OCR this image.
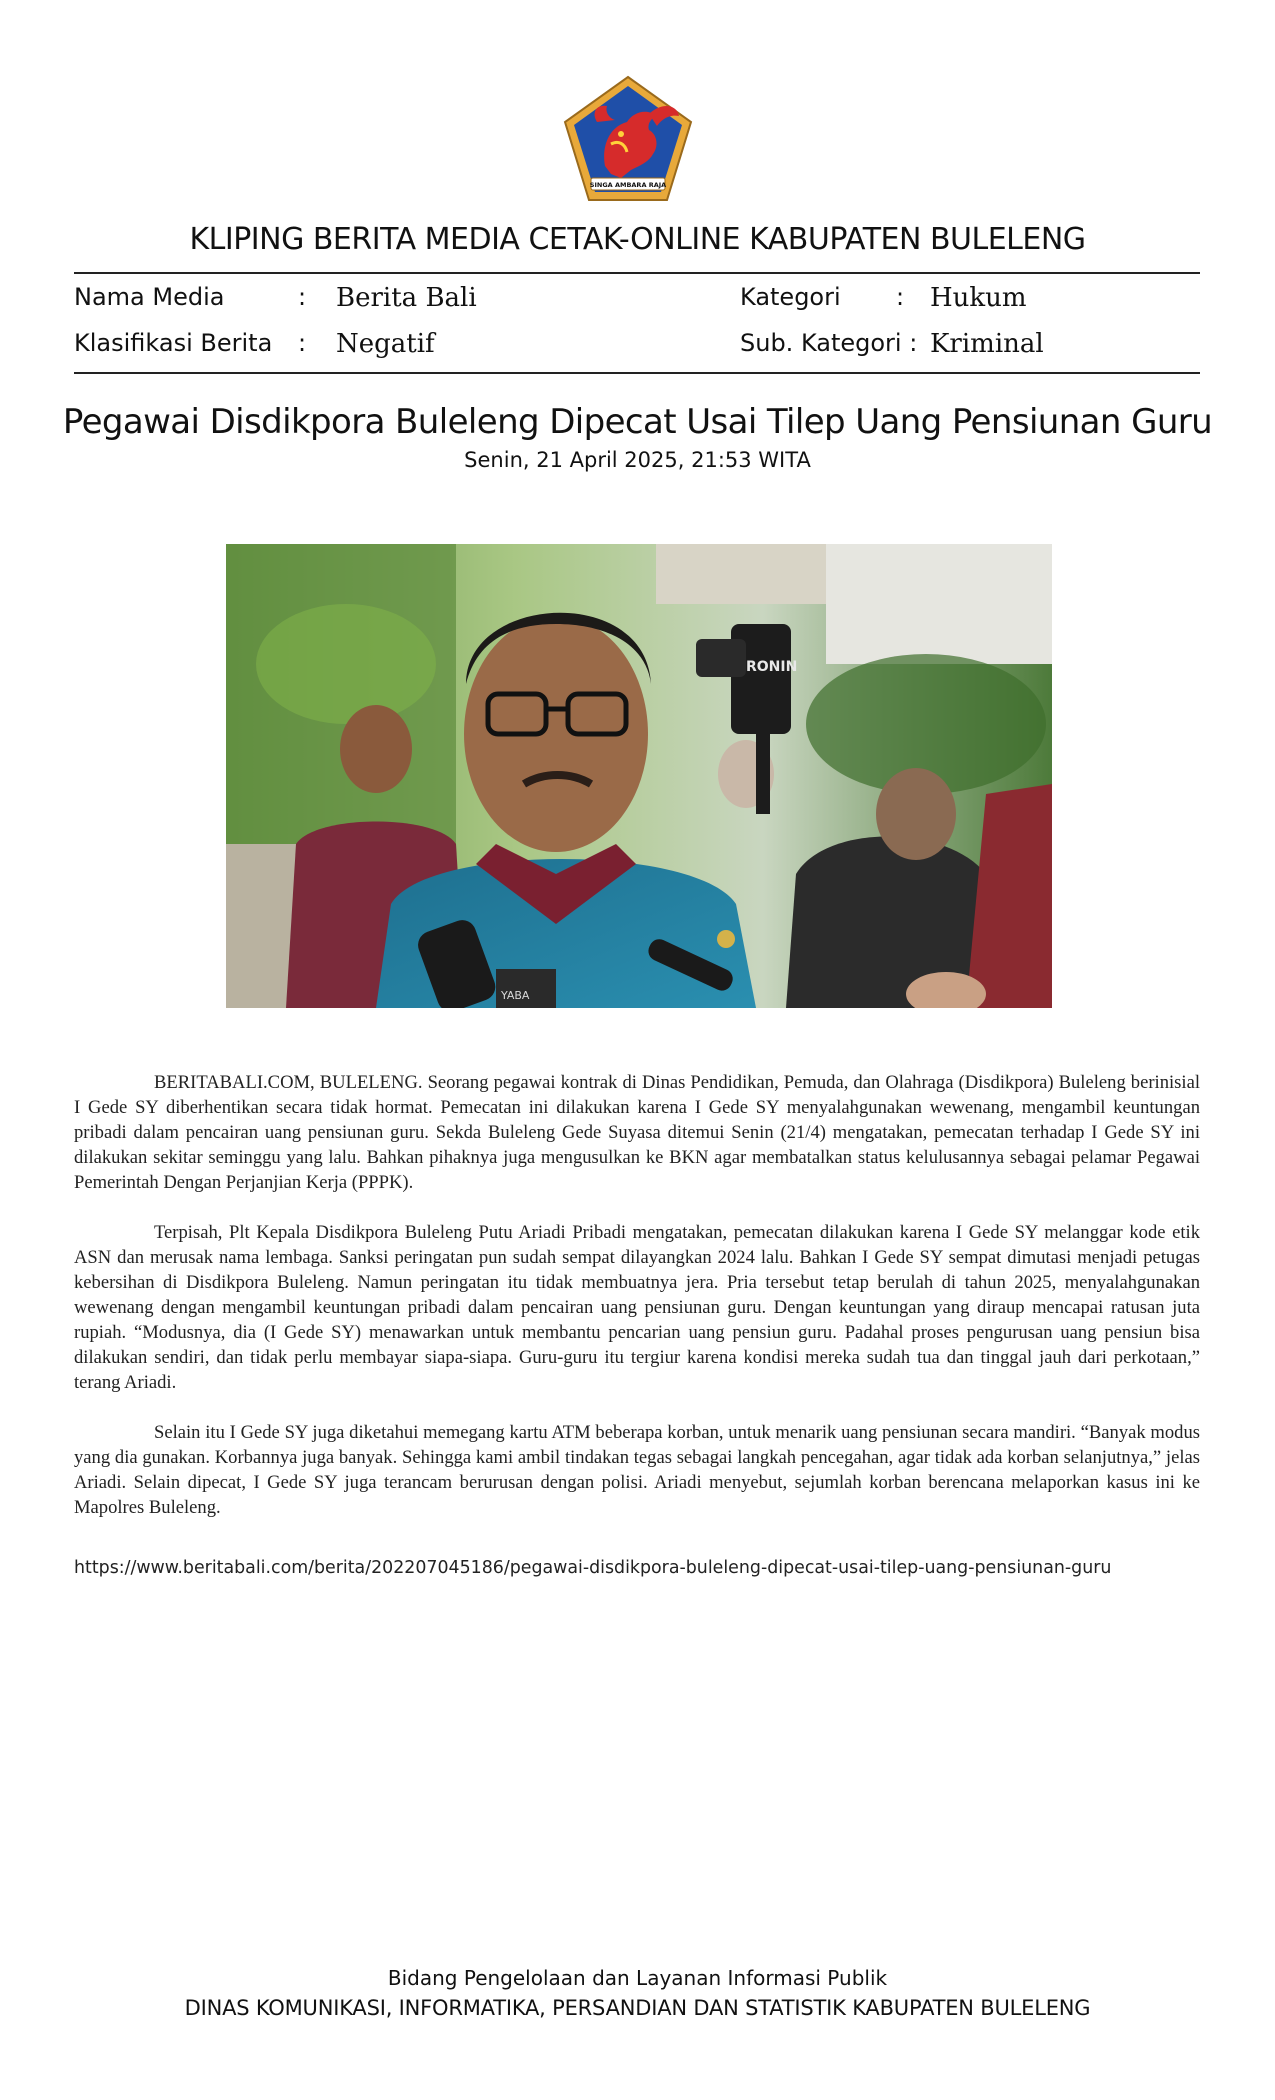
SINGA AMBARA RAJA
KLIPING BERITA MEDIA CETAK-ONLINE KABUPATEN BULELENG
Nama Media	: Berita Bali	Kategori : Hukum
Klasifikasi Berita : Negatif	Sub. Kategori : Kriminal
Pegawai Disdikpora Buleleng Dipecat Usai Tilep Uang Pensiunan Guru
Senin, 21 April 2025, 21:53 WITA
RONIN
YABA

BERITABALI.COM, BULELENG. Seorang pegawai kontrak di Dinas Pendidikan, Pemuda, dan Olahraga (Disdikpora) Buleleng berinisial I Gede SY diberhentikan secara tidak hormat. Pemecatan ini dilakukan karena I Gede SY menyalahgunakan wewenang, mengambil keuntungan pribadi dalam pencairan uang pensiunan guru. Sekda Buleleng Gede Suyasa ditemui Senin (21/4) mengatakan, pemecatan terhadap I Gede SY ini dilakukan sekitar seminggu yang lalu. Bahkan pihaknya juga mengusulkan ke BKN agar membatalkan status kelulusannya sebagai pelamar Pegawai Pemerintah Dengan Perjanjian Kerja (PPPK).

Terpisah, Plt Kepala Disdikpora Buleleng Putu Ariadi Pribadi mengatakan, pemecatan dilakukan karena I Gede SY melanggar kode etik ASN dan merusak nama lembaga. Sanksi peringatan pun sudah sempat dilayangkan 2024 lalu. Bahkan I Gede SY sempat dimutasi menjadi petugas kebersihan di Disdikpora Buleleng. Namun peringatan itu tidak membuatnya jera. Pria tersebut tetap berulah di tahun 2025, menyalahgunakan wewenang dengan mengambil keuntungan pribadi dalam pencairan uang pensiunan guru. Dengan keuntungan yang diraup mencapai ratusan juta rupiah. “Modusnya, dia (I Gede SY) menawarkan untuk membantu pencarian uang pensiun guru. Padahal proses pengurusan uang pensiun bisa dilakukan sendiri, dan tidak perlu membayar siapa-siapa. Guru-guru itu tergiur karena kondisi mereka sudah tua dan tinggal jauh dari perkotaan,” terang Ariadi.

Selain itu I Gede SY juga diketahui memegang kartu ATM beberapa korban, untuk menarik uang pensiunan secara mandiri. “Banyak modus yang dia gunakan. Korbannya juga banyak. Sehingga kami ambil tindakan tegas sebagai langkah pencegahan, agar tidak ada korban selanjutnya,” jelas Ariadi. Selain dipecat, I Gede SY juga terancam berurusan dengan polisi. Ariadi menyebut, sejumlah korban berencana melaporkan kasus ini ke Mapolres Buleleng.

https://www.beritabali.com/berita/202207045186/pegawai-disdikpora-buleleng-dipecat-usai-tilep-uang-pensiunan-guru
Bidang Pengelolaan dan Layanan Informasi Publik
DINAS KOMUNIKASI, INFORMATIKA, PERSANDIAN DAN STATISTIK KABUPATEN BULELENG
